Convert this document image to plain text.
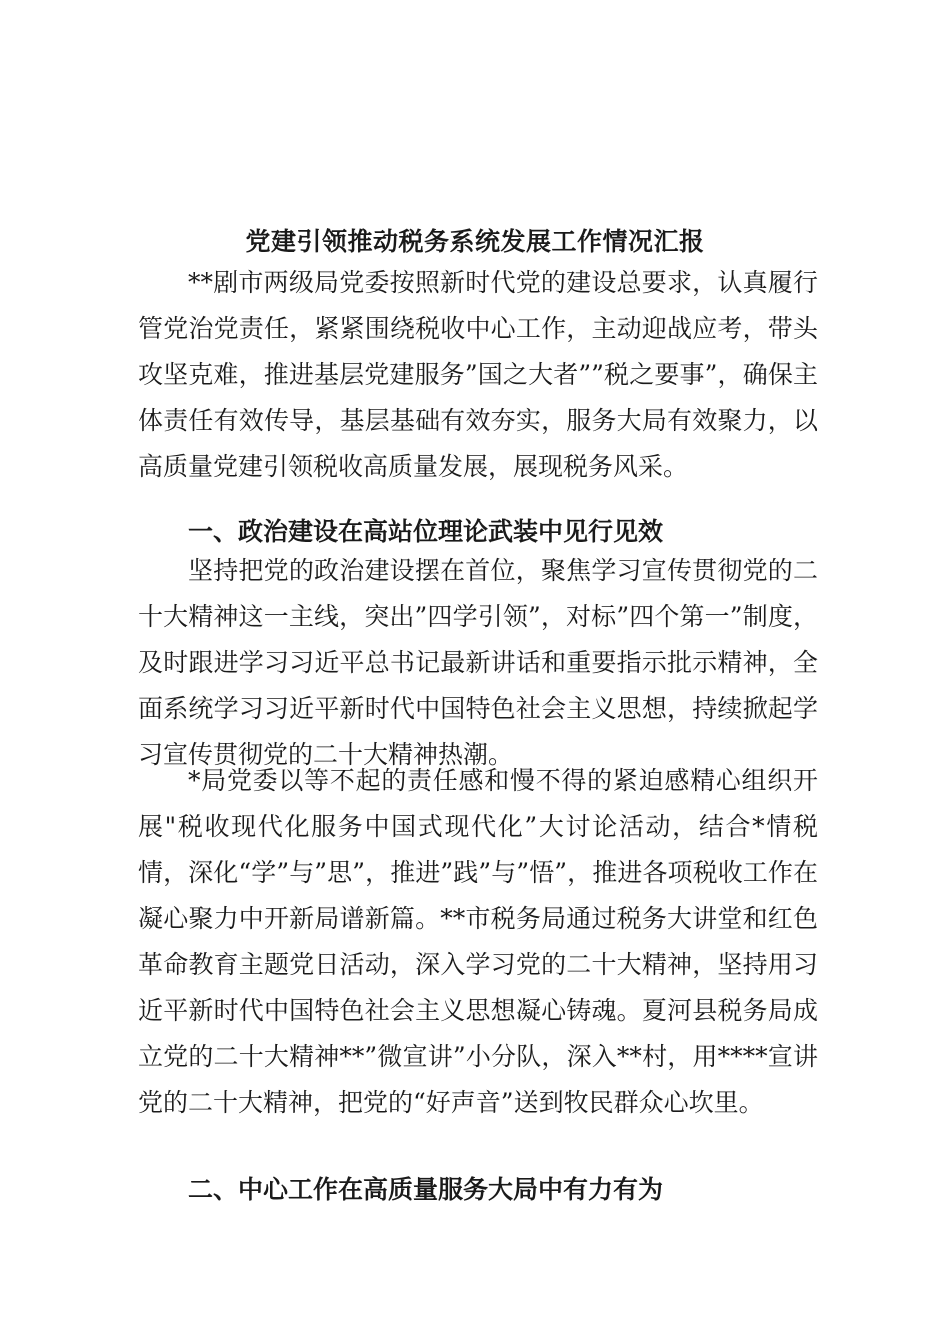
党建引领推动税务系统发展工作情况汇报

**剧市两级局党委按照新时代党的建设总要求，认真履行管党治党责任，紧紧围绕税收中心工作，主动迎战应考，带头攻坚克难，推进基层党建服务”国之大者””税之要事”，确保主体责任有效传导，基层基础有效夯实，服务大局有效聚力，以高质量党建引领税收高质量发展，展现税务风采。

一、政治建设在高站位理论武装中见行见效

坚持把党的政治建设摆在首位，聚焦学习宣传贯彻党的二十大精神这一主线，突出”四学引领”，对标”四个第一”制度，及时跟进学习习近平总书记最新讲话和重要指示批示精神，全面系统学习习近平新时代中国特色社会主义思想，持续掀起学习宣传贯彻党的二十大精神热潮。

*局党委以等不起的责任感和慢不得的紧迫感精心组织开展"税收现代化服务中国式现代化”大讨论活动，结合*情税情，深化“学”与”思”，推进”践”与”悟”，推进各项税收工作在凝心聚力中开新局谱新篇。**市税务局通过税务大讲堂和红色革命教育主题党日活动，深入学习党的二十大精神，坚持用习近平新时代中国特色社会主义思想凝心铸魂。夏河县税务局成立党的二十大精神**”微宣讲”小分队，深入**村，用****宣讲党的二十大精神，把党的“好声音”送到牧民群众心坎里。

二、中心工作在高质量服务大局中有力有为
